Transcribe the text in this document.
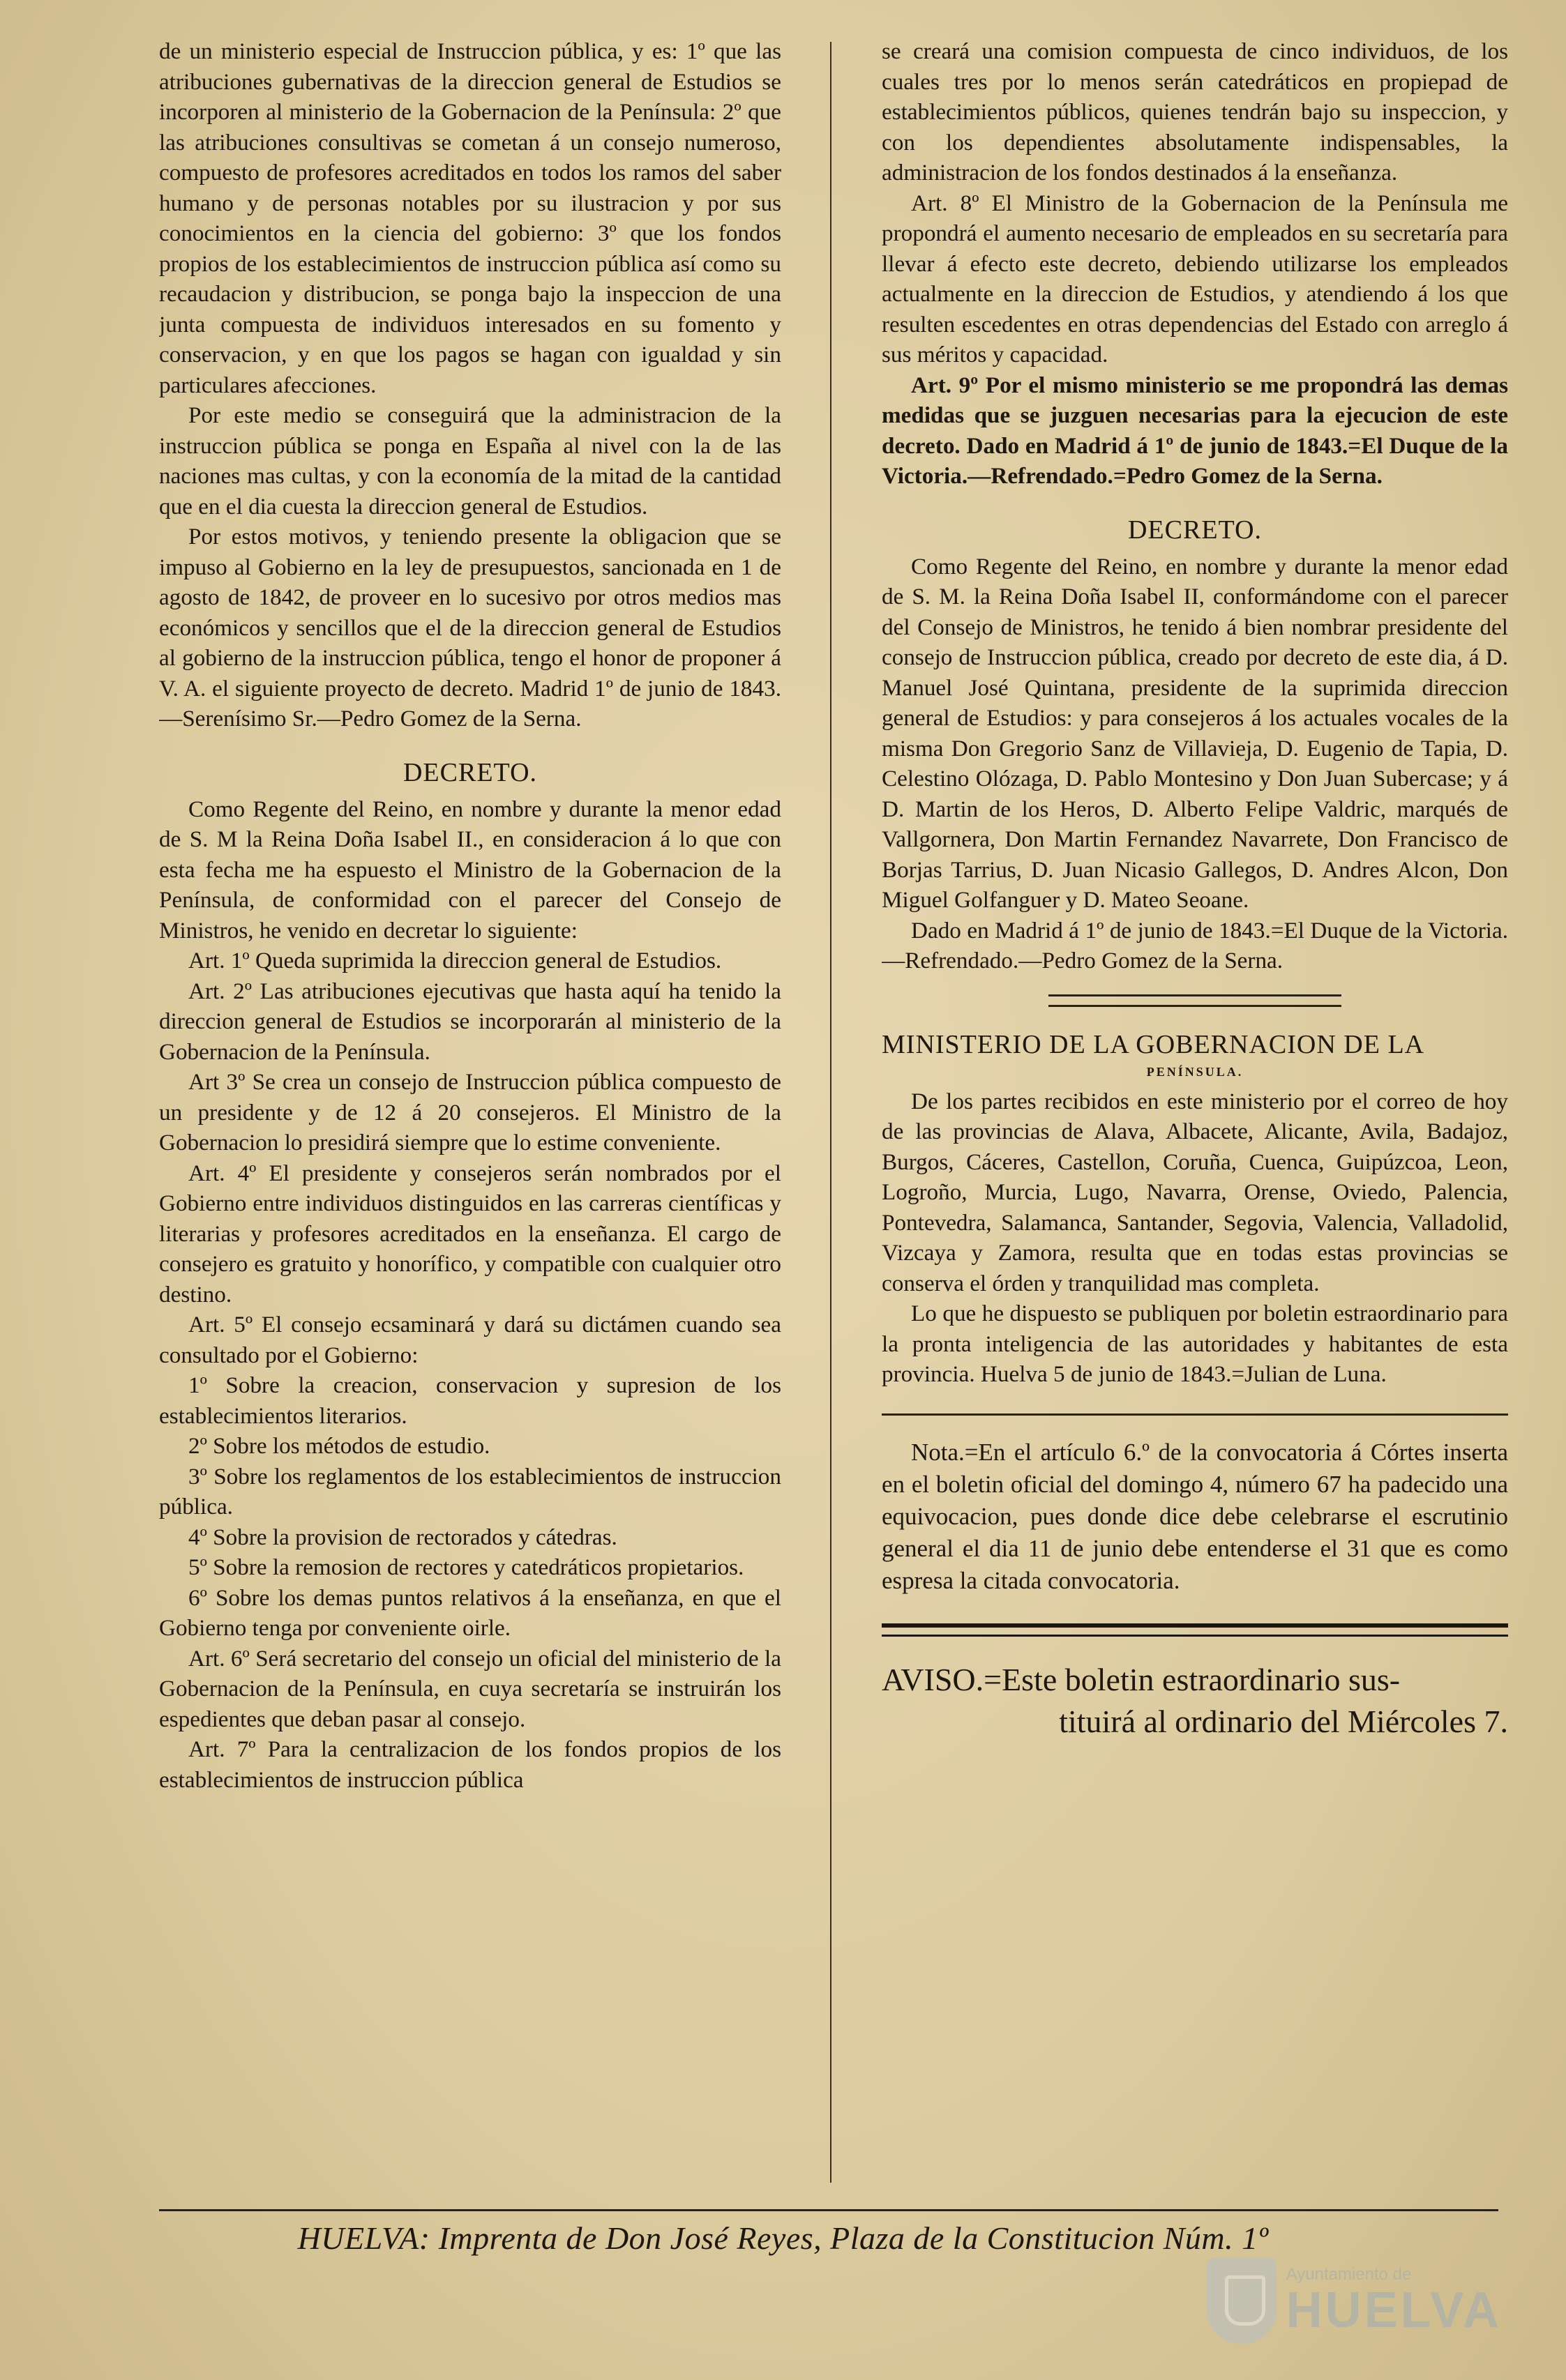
de un ministerio especial de Instruccion pública, y es: 1º que las atribuciones gubernativas de la direccion general de Estudios se incorporen al ministerio de la Gobernacion de la Península: 2º que las atribuciones consultivas se cometan á un consejo numeroso, compuesto de profesores acreditados en todos los ramos del saber humano y de personas notables por su ilustracion y por sus conocimientos en la ciencia del gobierno: 3º que los fondos propios de los establecimientos de instruccion pública así como su recaudacion y distribucion, se ponga bajo la inspeccion de una junta compuesta de individuos interesados en su fomento y conservacion, y en que los pagos se hagan con igualdad y sin particulares afecciones.

Por este medio se conseguirá que la administracion de la instruccion pública se ponga en España al nivel con la de las naciones mas cultas, y con la economía de la mitad de la cantidad que en el dia cuesta la direccion general de Estudios.

Por estos motivos, y teniendo presente la obligacion que se impuso al Gobierno en la ley de presupuestos, sancionada en 1 de agosto de 1842, de proveer en lo sucesivo por otros medios mas económicos y sencillos que el de la direccion general de Estudios al gobierno de la instruccion pública, tengo el honor de proponer á V. A. el siguiente proyecto de decreto. Madrid 1º de junio de 1843.—Serenísimo Sr.—Pedro Gomez de la Serna.

DECRETO.

Como Regente del Reino, en nombre y durante la menor edad de S. M la Reina Doña Isabel II., en consideracion á lo que con esta fecha me ha espuesto el Ministro de la Gobernacion de la Península, de conformidad con el parecer del Consejo de Ministros, he venido en decretar lo siguiente:

Art. 1º Queda suprimida la direccion general de Estudios.

Art. 2º Las atribuciones ejecutivas que hasta aquí ha tenido la direccion general de Estudios se incorporarán al ministerio de la Gobernacion de la Península.

Art 3º Se crea un consejo de Instruccion pública compuesto de un presidente y de 12 á 20 consejeros. El Ministro de la Gobernacion lo presidirá siempre que lo estime conveniente.

Art. 4º El presidente y consejeros serán nombrados por el Gobierno entre individuos distinguidos en las carreras científicas y literarias y profesores acreditados en la enseñanza. El cargo de consejero es gratuito y honorífico, y compatible con cualquier otro destino.

Art. 5º El consejo ecsaminará y dará su dictámen cuando sea consultado por el Gobierno:

1º Sobre la creacion, conservacion y supresion de los establecimientos literarios.

2º Sobre los métodos de estudio.

3º Sobre los reglamentos de los establecimientos de instruccion pública.

4º Sobre la provision de rectorados y cátedras.

5º Sobre la remosion de rectores y catedráticos propietarios.

6º Sobre los demas puntos relativos á la enseñanza, en que el Gobierno tenga por conveniente oirle.

Art. 6º Será secretario del consejo un oficial del ministerio de la Gobernacion de la Península, en cuya secretaría se instruirán los espedientes que deban pasar al consejo.

Art. 7º Para la centralizacion de los fondos propios de los establecimientos de instruccion pública

se creará una comision compuesta de cinco individuos, de los cuales tres por lo menos serán catedráticos en propiepad de establecimientos públicos, quienes tendrán bajo su inspeccion, y con los dependientes absolutamente indispensables, la administracion de los fondos destinados á la enseñanza.

Art. 8º El Ministro de la Gobernacion de la Península me propondrá el aumento necesario de empleados en su secretaría para llevar á efecto este decreto, debiendo utilizarse los empleados actualmente en la direccion de Estudios, y atendiendo á los que resulten escedentes en otras dependencias del Estado con arreglo á sus méritos y capacidad.

Art. 9º Por el mismo ministerio se me propondrá las demas medidas que se juzguen necesarias para la ejecucion de este decreto. Dado en Madrid á 1º de junio de 1843.=El Duque de la Victoria.—Refrendado.=Pedro Gomez de la Serna.

DECRETO.

Como Regente del Reino, en nombre y durante la menor edad de S. M. la Reina Doña Isabel II, conformándome con el parecer del Consejo de Ministros, he tenido á bien nombrar presidente del consejo de Instruccion pública, creado por decreto de este dia, á D. Manuel José Quintana, presidente de la suprimida direccion general de Estudios: y para consejeros á los actuales vocales de la misma Don Gregorio Sanz de Villavieja, D. Eugenio de Tapia, D. Celestino Olózaga, D. Pablo Montesino y Don Juan Subercase; y á D. Martin de los Heros, D. Alberto Felipe Valdric, marqués de Vallgornera, Don Martin Fernandez Navarrete, Don Francisco de Borjas Tarrius, D. Juan Nicasio Gallegos, D. Andres Alcon, Don Miguel Golfanguer y D. Mateo Seoane.

Dado en Madrid á 1º de junio de 1843.=El Duque de la Victoria.—Refrendado.—Pedro Gomez de la Serna.

MINISTERIO DE LA GOBERNACION DE LA
PENÍNSULA.

De los partes recibidos en este ministerio por el correo de hoy de las provincias de Alava, Albacete, Alicante, Avila, Badajoz, Burgos, Cáceres, Castellon, Coruña, Cuenca, Guipúzcoa, Leon, Logroño, Murcia, Lugo, Navarra, Orense, Oviedo, Palencia, Pontevedra, Salamanca, Santander, Segovia, Valencia, Valladolid, Vizcaya y Zamora, resulta que en todas estas provincias se conserva el órden y tranquilidad mas completa.

Lo que he dispuesto se publiquen por boletin estraordinario para la pronta inteligencia de las autoridades y habitantes de esta provincia. Huelva 5 de junio de 1843.=Julian de Luna.

Nota.=En el artículo 6.º de la convocatoria á Córtes inserta en el boletin oficial del domingo 4, número 67 ha padecido una equivocacion, pues donde dice debe celebrarse el escrutinio general el dia 11 de junio debe entenderse el 31 que es como espresa la citada convocatoria.

AVISO.=Este boletin estraordinario sus-
tituirá al ordinario del Miércoles 7.

HUELVA: Imprenta de Don José Reyes, Plaza de la Constitucion Núm. 1º
Ayuntamiento de
HUELVA
